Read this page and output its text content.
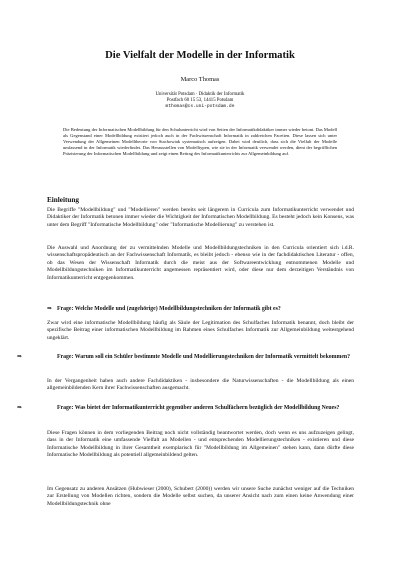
Die Vielfalt der Modelle in der Informatik
Marco Thomas
Universität Potsdam · Didaktik der Informatik
Postfach 60 15 53, 14415 Potsdam
mthomas@cs.uni-potsdam.de
Die Bedeutung der Informatischen Modellbildung für den Schulunterricht wird von Seiten der Informatikdidaktiker immer wieder betont. Das Modell als Gegenstand einer Modellbildung existiert jedoch auch in der Fachwissenschaft Informatik in zahlreichen Facetten. Diese lassen sich unter Verwendung der Allgemeinen Modelltheorie von Stachowiak systematisch aufzeigen. Dabei wird deutlich, dass sich die Vielfalt der Modelle umfassend in der Informatik wiederfindet. Das Herausstellen von Modelltypen, wie sie in der Informatik verwendet werden, dient der begrifflichen Präzisierung der Informatischen Modellbildung und zeigt einen Beitrag des Informatikunterrichts zur Allgemeinbildung auf.
Einleitung
Die Begriffe "Modellbildung" und "Modellieren" werden bereits seit längerem in Curricula zum Informatikunterricht verwendet und Didaktiker der Informatik betonen immer wieder die Wichtigkeit der Informatischen Modellbildung. Es besteht jedoch kein Konsens, was unter dem Begriff "Informatische Modellbildung" oder "Informatische Modellierung" zu verstehen ist.
Die Auswahl und Anordnung der zu vermittelnden Modelle und Modellbildungstechniken in den Curricula orientiert sich i.d.R. wissenschaftspropädeutisch an der Fachwissenschaft Informatik, es bleibt jedoch - ebenso wie in der fachdidaktischen Literatur - offen, ob das Wesen der Wissenschaft Informatik durch die meist aus der Softwareentwicklung entnommenen Modelle und Modellbildungstechniken im Informatikunterricht angemessen repräsentiert wird, oder diese nur dem derzeitigen Verständnis von Informatikunterricht entgegenkommen.
⇒ Frage: Welche Modelle und (zugehörige) Modellbildungstechniken der Informatik gibt es?
Zwar wird eine informatische Modellbildung häufig als Säule der Legitimation des Schulfaches Informatik benannt, doch bleibt der spezifische Beitrag einer informatischen Modellbildung im Rahmen eines Schulfaches Informatik zur Allgemeinbildung weitestgehend ungeklärt.
⇒	Frage: Warum soll ein Schüler bestimmte Modelle und Modellierungstechniken der Informatik vermittelt bekommen?
In der Vergangenheit haben auch andere Fachdidaktiken - insbesondere die Naturwissenschaften - die Modellbildung als einen allgemeinbildenden Kern ihrer Fachwissenschaften ausgemacht.
⇒	Frage: Was bietet der Informatikunterricht gegenüber anderen Schulfächern bezüglich der Modellbildung Neues?
Diese Fragen können in dem vorliegenden Beitrag noch nicht vollständig beantwortet werden, doch wenn es uns aufzuzeigen gelingt, dass in der Informatik eine umfassende Vielfalt an Modellen - und entsprechenden Modellierungstechniken - existieren und diese Informatische Modellbildung in ihrer Gesamtheit exemplarisch für "Modellbildung im Allgemeinen" stehen kann, dann dürfte diese Informatische Modellbildung als potentiell allgemeinbildend gelten.
Im Gegensatz zu anderen Ansätzen (Hubwieser (2000), Schubert (2000)) werden wir unsere Suche zunächst weniger auf die Techniken zur Erstellung von Modellen richten, sondern die Modelle selbst suchen, da unserer Ansicht nach zum einen keine Anwendung einer Modellbildungstechnik ohne
